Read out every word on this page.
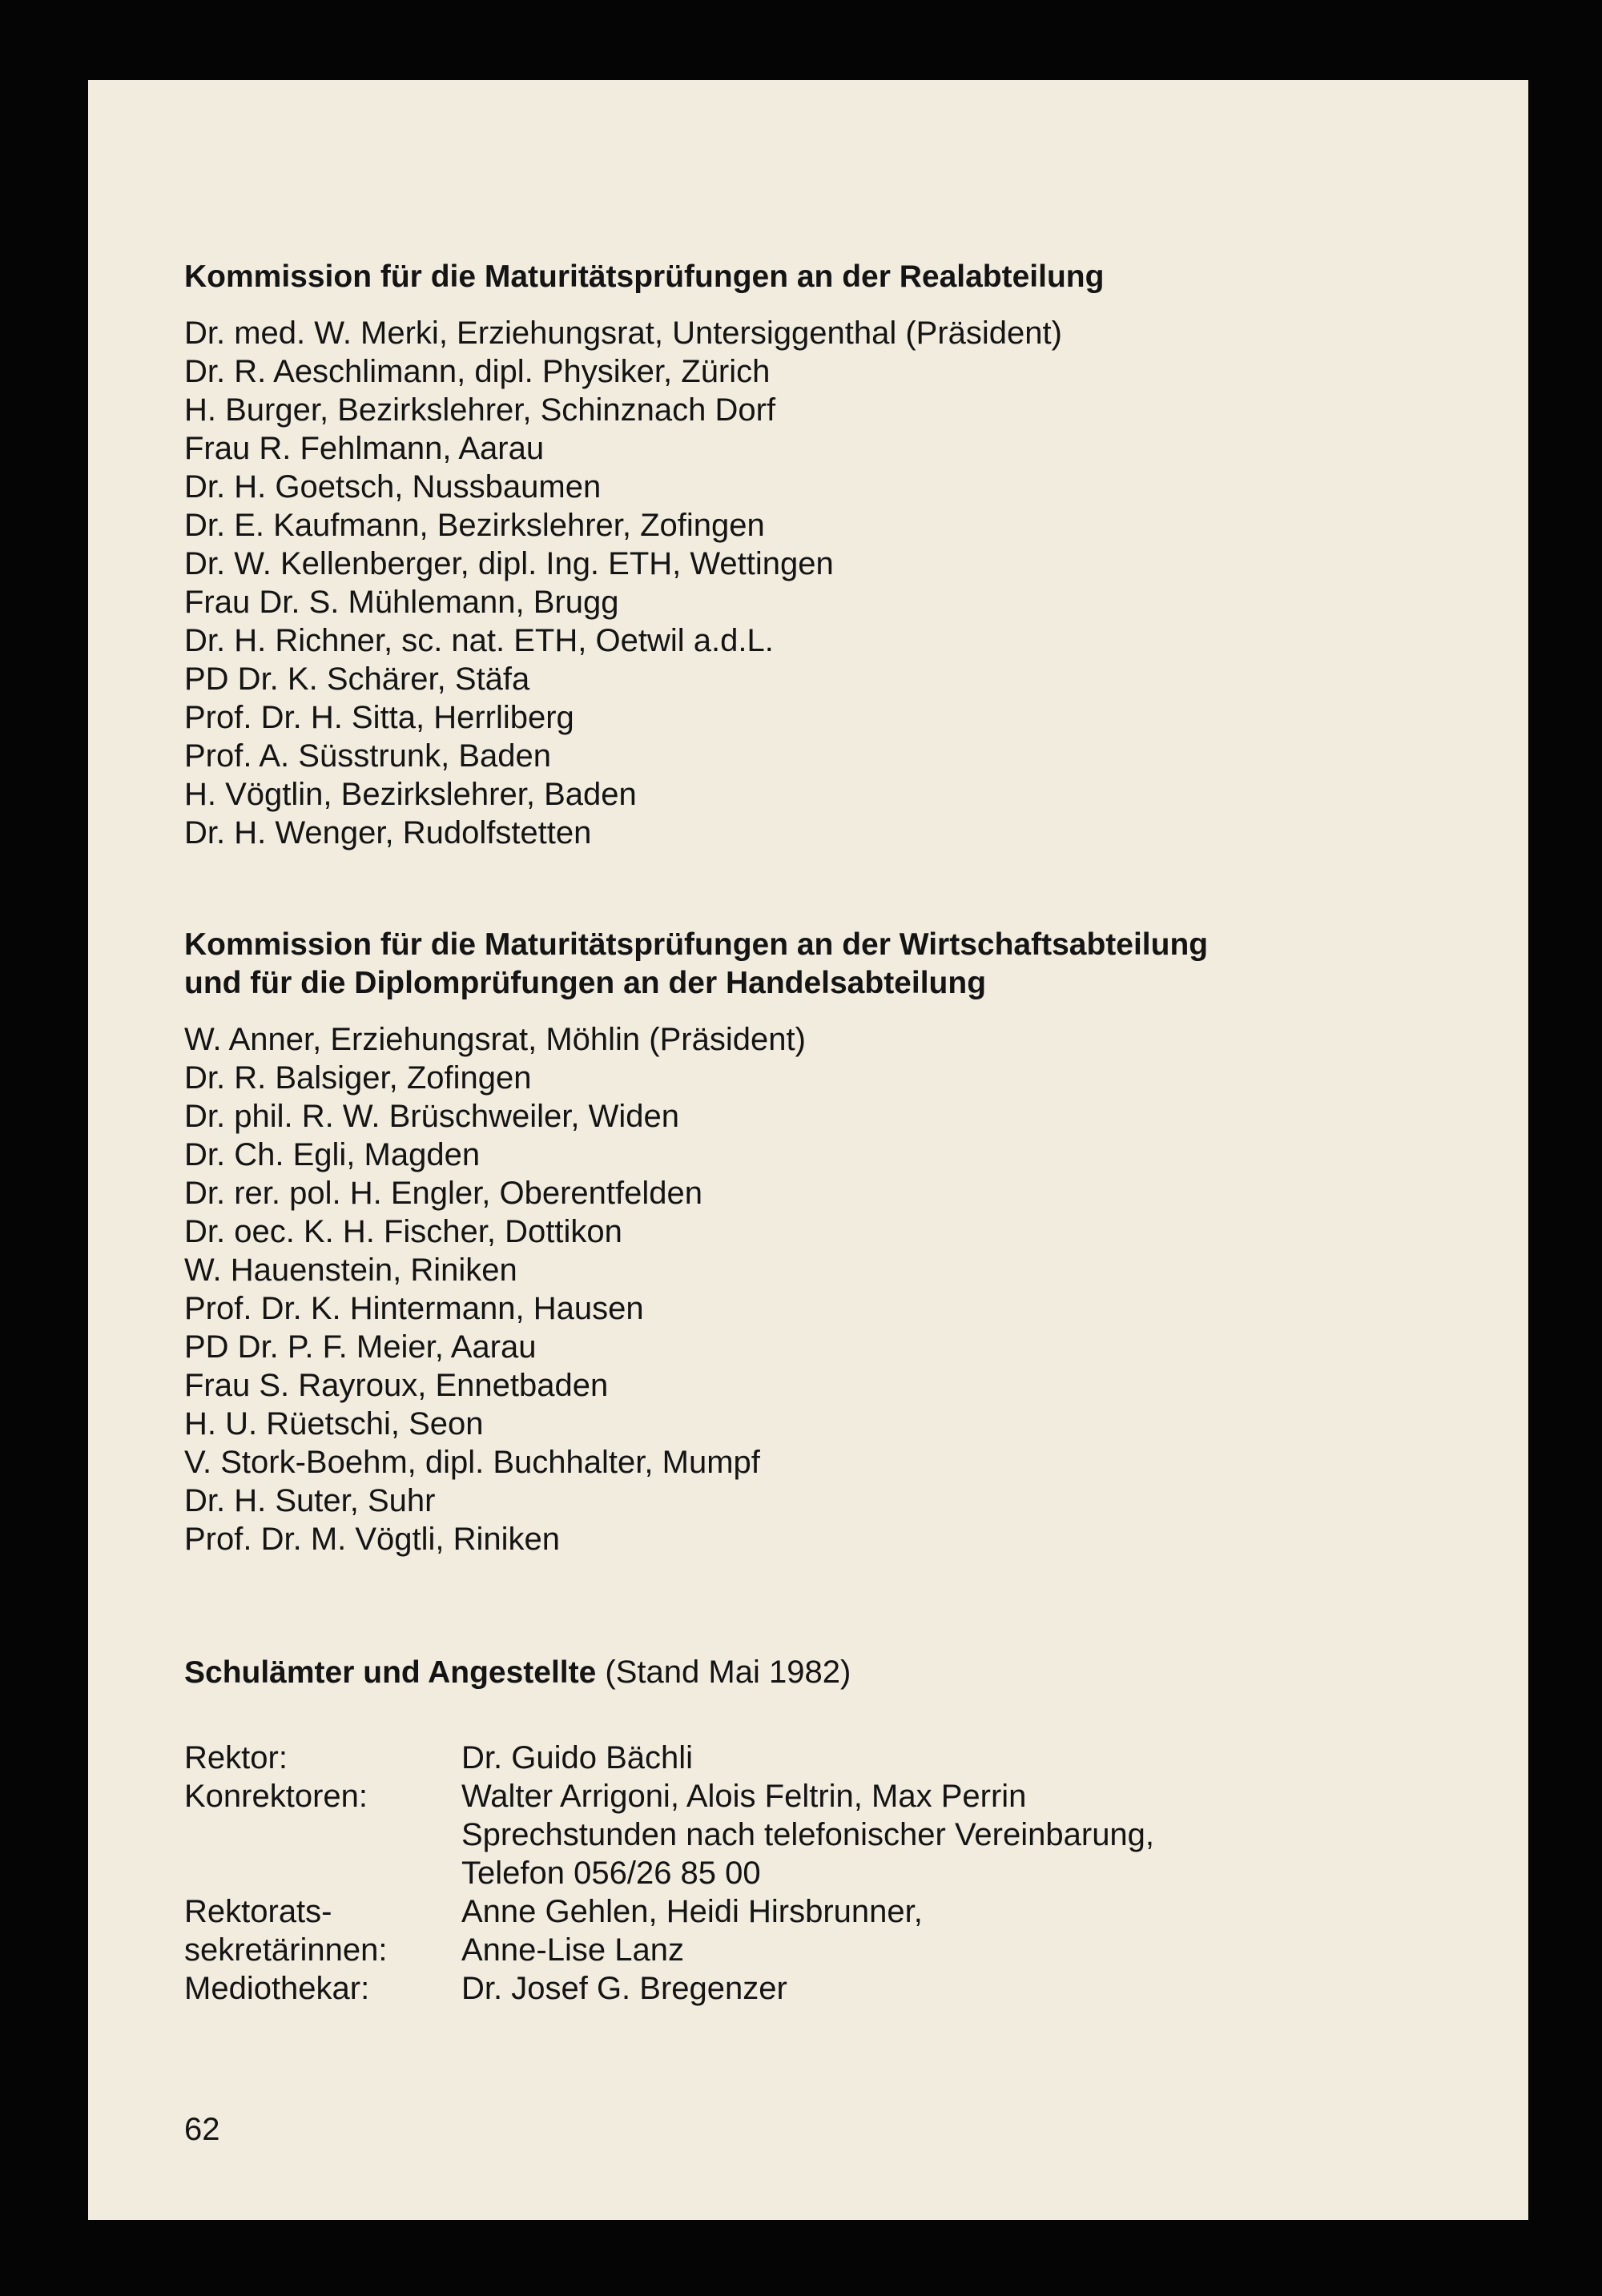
Kommission für die Maturitätsprüfungen an der Realabteilung
Dr. med. W. Merki, Erziehungsrat, Untersiggenthal (Präsident)
Dr. R. Aeschlimann, dipl. Physiker, Zürich
H. Burger, Bezirkslehrer, Schinznach Dorf
Frau R. Fehlmann, Aarau
Dr. H. Goetsch, Nussbaumen
Dr. E. Kaufmann, Bezirkslehrer, Zofingen
Dr. W. Kellenberger, dipl. Ing. ETH, Wettingen
Frau Dr. S. Mühlemann, Brugg
Dr. H. Richner, sc. nat. ETH, Oetwil a.d.L.
PD Dr. K. Schärer, Stäfa
Prof. Dr. H. Sitta, Herrliberg
Prof. A. Süsstrunk, Baden
H. Vögtlin, Bezirkslehrer, Baden
Dr. H. Wenger, Rudolfstetten
Kommission für die Maturitätsprüfungen an der Wirtschaftsabteilung
und für die Diplomprüfungen an der Handelsabteilung
W. Anner, Erziehungsrat, Möhlin (Präsident)
Dr. R. Balsiger, Zofingen
Dr. phil. R. W. Brüschweiler, Widen
Dr. Ch. Egli, Magden
Dr. rer. pol. H. Engler, Oberentfelden
Dr. oec. K. H. Fischer, Dottikon
W. Hauenstein, Riniken
Prof. Dr. K. Hintermann, Hausen
PD Dr. P. F. Meier, Aarau
Frau S. Rayroux, Ennetbaden
H. U. Rüetschi, Seon
V. Stork-Boehm, dipl. Buchhalter, Mumpf
Dr. H. Suter, Suhr
Prof. Dr. M. Vögtli, Riniken
Schulämter und Angestellte (Stand Mai 1982)
Rektor:	Dr. Guido Bächli
Konrektoren:	Walter Arrigoni, Alois Feltrin, Max Perrin
Sprechstunden nach telefonischer Vereinbarung,
Telefon 056/26 85 00
Rektorats-	Anne Gehlen, Heidi Hirsbrunner,
sekretärinnen:	Anne-Lise Lanz
Mediothekar:	Dr. Josef G. Bregenzer
62
